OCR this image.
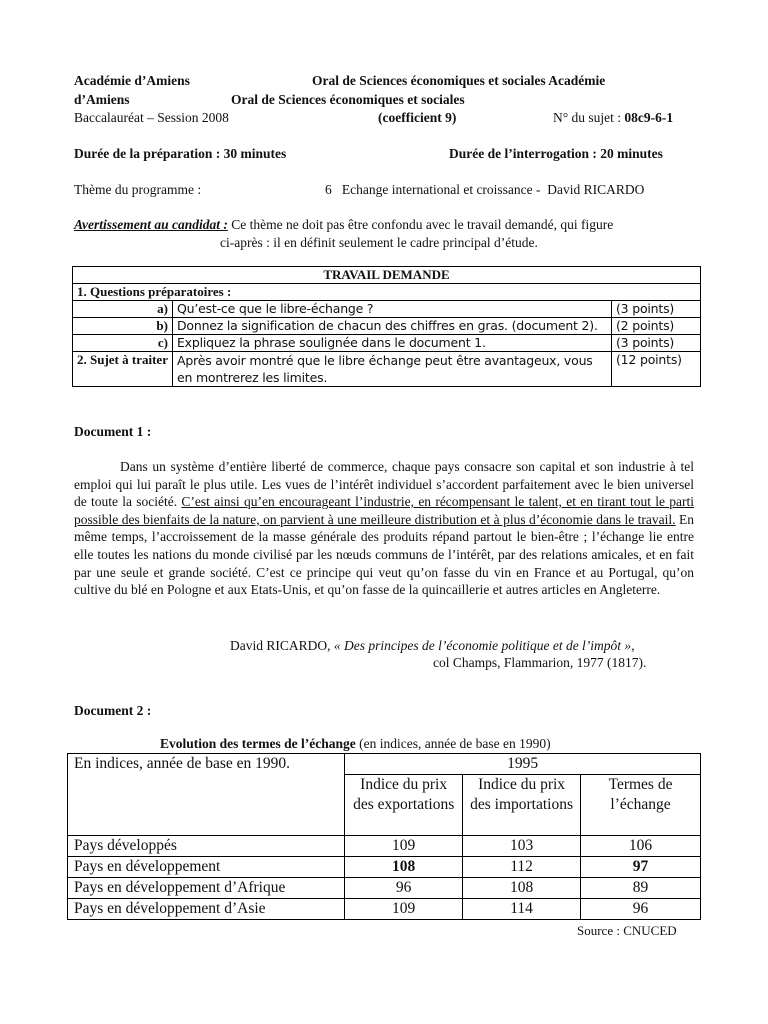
Académie d’Amiens	Oral de Sciences économiques et sociales Académie
d’Amiens	Oral de Sciences économiques et sociales
Baccalauréat – Session 2008	(coefficient 9)	N° du sujet : 08c9-6-1
Durée de la préparation : 30 minutes	Durée de l’interrogation : 20 minutes
Thème du programme :	6   Echange international et croissance -  David RICARDO
Avertissement au candidat : Ce thème ne doit pas être confondu avec le travail demandé, qui figure
ci-après : il en définit seulement le cadre principal d’étude.
TRAVAIL DEMANDE		
1. Questions préparatoires :		
a)	Qu’est-ce que le libre-échange ?	(3 points)
b)	Donnez la signification de chacun des chiffres en gras. (document 2).	(2 points)
c)	Expliquez la phrase soulignée dans le document 1.	(3 points)
2. Sujet à traiter	Après avoir montré que le libre échange peut être avantageux, vous en montrerez les limites.	(12 points)
Document 1 :

Dans un système d’entière liberté de commerce, chaque pays consacre son capital et son industrie à tel emploi qui lui paraît le plus utile. Les vues de l’intérêt individuel s’accordent parfaitement avec le bien universel de toute la société. C’est ainsi qu’en encourageant l’industrie, en récompensant le talent, et en tirant tout le parti possible des bienfaits de la nature, on parvient à une meilleure distribution et à plus d’économie dans le travail. En même temps, l’accroissement de la masse générale des produits répand partout le bien-être ; l’échange lie entre elle toutes les nations du monde civilisé par les nœuds communs de l’intérêt, par des relations amicales, et en fait par une seule et grande société. C’est ce principe qui veut qu’on fasse du vin en France et au Portugal, qu’on cultive du blé en Pologne et aux Etats-Unis, et qu’on fasse de la quincaillerie et autres articles en Angleterre.

David RICARDO, « Des principes de l’économie politique et de l’impôt »,
col Champs, Flammarion, 1977 (1817).
Document 2 :
Evolution des termes de l’échange (en indices, année de base en 1990)
En indices, année de base en 1990.	1995		
	Indice du prix des exportations	Indice du prix des importations	Termes de l’échange
Pays développés	109	103	106
Pays en développement	108	112	97
Pays en développement d’Afrique	96	108	89
Pays en développement d’Asie	109	114	96
Source : CNUCED
